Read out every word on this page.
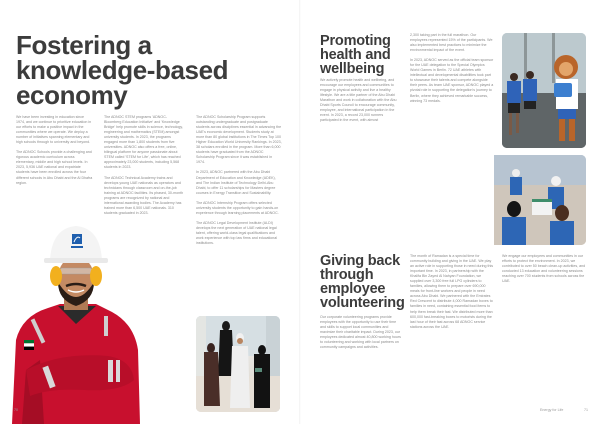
Fostering a
knowledge-based
economy

We have been investing in education since 1974, and we continue to prioritize education in our efforts to make a positive impact in the communities where we operate. We deploy a number of initiatives spanning elementary and high schools through to university and beyond.

The ADNOC Schools provide a challenging and rigorous academic curriculum across elementary, middle and high school levels. In 2023, 5,936 UAE national and expatriate students have been enrolled across the four different schools in Abu Dhabi and the Al Dhafra region.

The ADNOC STEM programs 'ADNOC-Bloomberg Education Initiative' and 'Knowledge Bridge' help promote skills in science, technology, engineering and mathematics (STEM) amongst university students. In 2023, the programs engaged more than 1,800 students from five universities. ADNOC also offers a free, online, bilingual platform for anyone passionate about STEM called 'STEM for Life', which has reached approximately 23,000 students, including 5,568 students in 2023.

The ADNOC Technical Academy trains and develops young UAE nationals as operators and technicians through classroom and on-the-job training at ADNOC facilities. Its phased, 30-month programs are recognized by national and international awarding bodies. The Academy has trained more than 6,500 UAE nationals. 310 students graduated in 2023.

The ADNOC Scholarship Program supports outstanding undergraduate and postgraduate students across disciplines essential in advancing the UAE's economic development. Students study at more than 80 global institutions in The Times Top 100 Higher Education World University Rankings. In 2023, 38 scholars enrolled in the program. More than 6,000 students have graduated from the ADNOC Scholarship Program since it was established in 1974.

In 2023, ADNOC partnered with the Abu Dhabi Department of Education and Knowledge (ADEK), and The Indian Institute of Technology Delhi-Abu Dhabi, to offer 11 scholarships for Masters degree courses in Energy Transition and Sustainability.

The ADNOC Internship Program offers selected university students the opportunity to gain hands-on experience through learning placements at ADNOC.

The ADNOC Legal Development Institute (ALDI) develops the next generation of UAE national legal talent, offering world-class legal qualifications and work experience with top law firms and educational institutions.

70
Promoting
health and
wellbeing

We actively promote health and wellbeing, and encourage our employees and communities to engage in physical activity and live a healthy lifestyle. We are a title partner of the Abu Dhabi Marathon and work in collaboration with the Abu Dhabi Sports Council to encourage community, employee, and international participation in the event. In 2023, a record 23,000 runners participated in the event, with almost

2,300 taking part in the full marathon. Our employees represented 15% of the participants. We also implemented best practices to minimize the environmental impact of the event.

In 2023, ADNOC served as the official team sponsor for the UAE delegation to the Special Olympics World Games in Berlin. 72 UAE athletes with intellectual and developmental disabilities took part to showcase their talents and compete alongside their peers. As team UAE sponsor, ADNOC played a pivotal role in supporting the delegation's journey to Berlin, where they achieved remarkable success, winning 73 medals.

Giving back
through
employee
volunteering

Our corporate volunteering programs provide employees with the opportunity to use their time and skills to support local communities and maximize their charitable impact. During 2023, our employees dedicated almost 40,800 working hours to volunteering and working with local partners on community campaigns and activities.

The month of Ramadan is a special time for community building and giving in the UAE. We play an active role in supporting those in need during this important time. In 2023, in partnership with the Khalifa Bin Zayed Al Nahyan Foundation, we supplied over 3,300 free full LPG cylinders to families, allowing them to prepare over 690,000 meals for front-line workers and people in need across Abu Dhabi. We partnered with the Emirates Red Crescent to distribute 4,000 Ramadan boxes to families in need, containing essential food items to help them break their fast. We distributed more than 600,000 fast-breaking boxes to motorists during the last hour of their fast across 68 ADNOC service stations across the UAE.

We engage our employees and communities in our efforts to protect the environment. In 2023, we contributed to over 50 beach clean-up activities, and conducted 13 education and volunteering sessions reaching over 700 students from schools across the UAE.

Energy for Life	71
